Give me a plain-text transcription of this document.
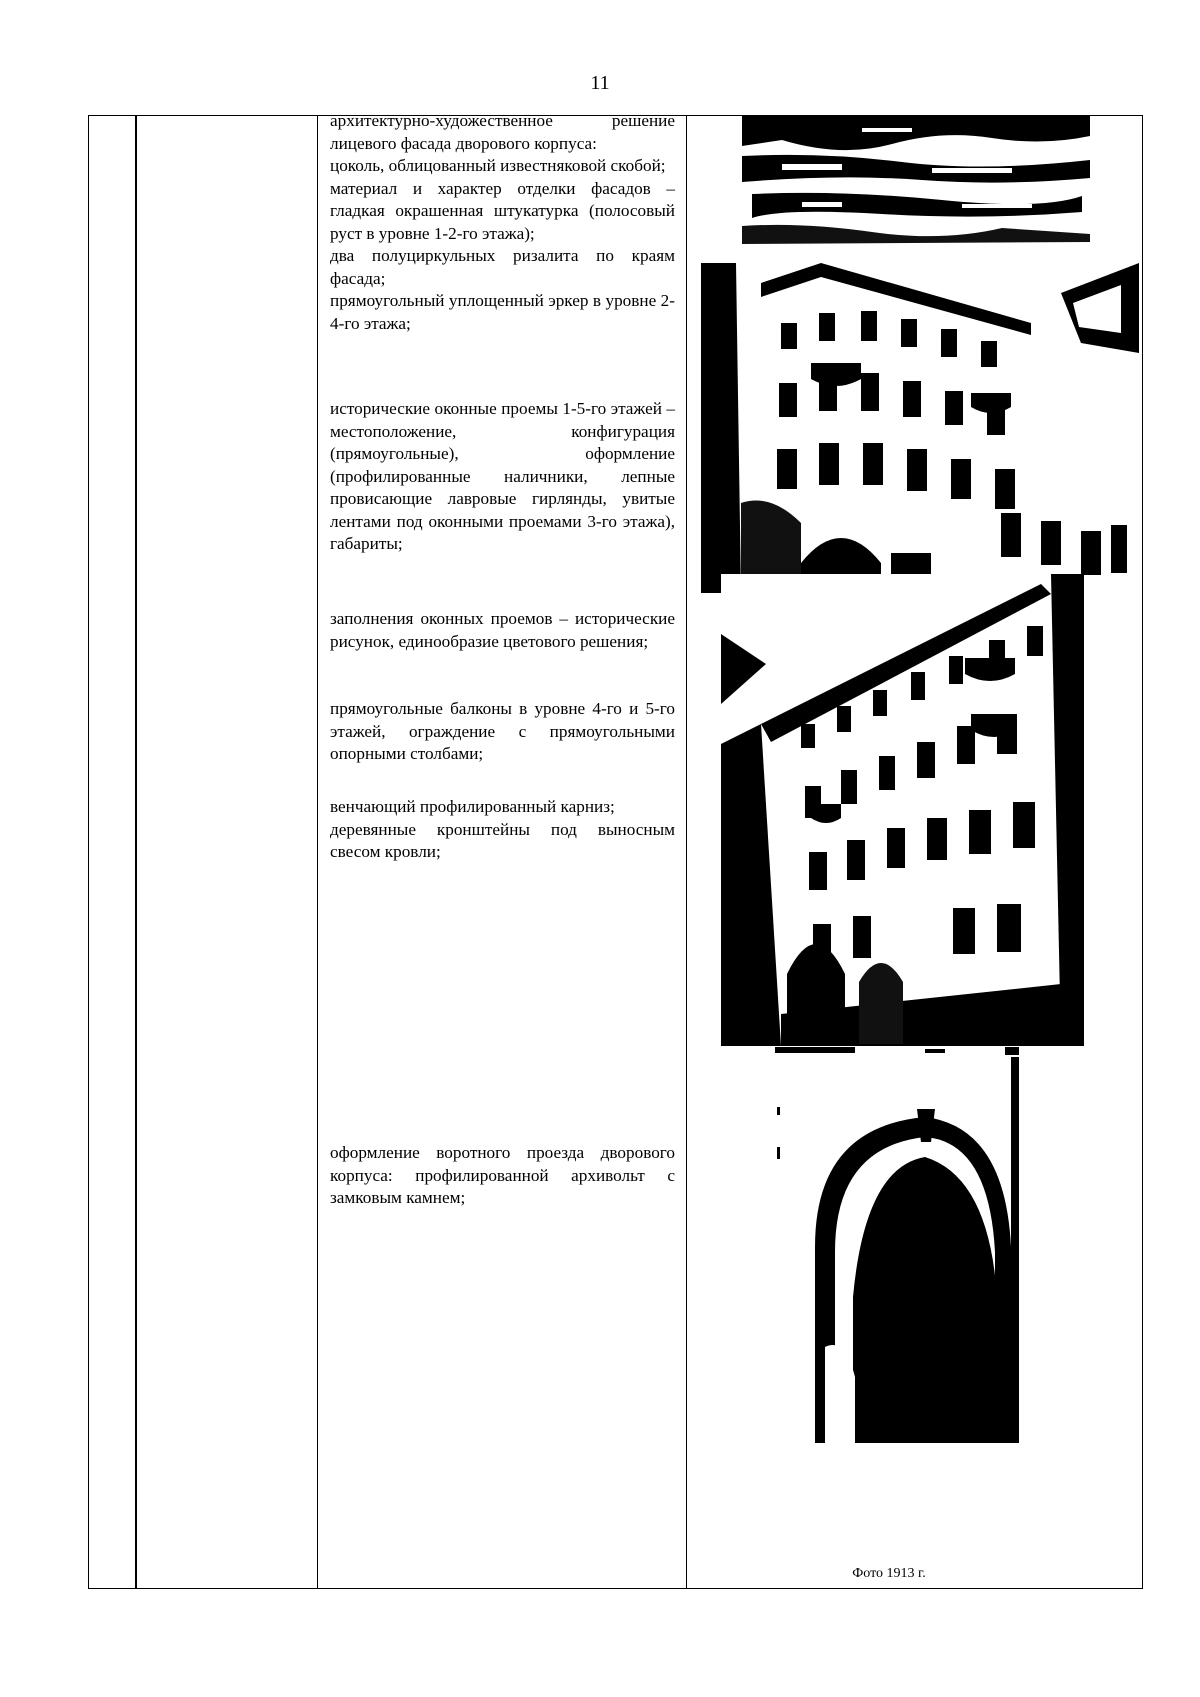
11

архитектурно-художественное решение лицевого фасада дворового корпуса:

цоколь, облицованный известняковой скобой;

материал и характер отделки фасадов – гладкая окрашенная штукатурка (полосовый руст в уровне 1-2-го этажа);

два полуциркульных ризалита по краям фасада;

прямоугольный уплощенный эркер в уровне 2-4-го этажа;

исторические оконные проемы 1-5-го этажей – местоположение, конфигурация (прямоугольные), оформление (профилированные наличники, лепные провисающие лавровые гирлянды, увитые лентами под оконными проемами 3-го этажа), габариты;

заполнения оконных проемов – исторические рисунок, единообразие цветового решения;

прямоугольные балконы в уровне 4-го и 5-го этажей, ограждение с прямоугольными опорными столбами;

венчающий профилированный карниз;

деревянные кронштейны под выносным свесом кровли;

оформление воротного проезда дворового корпуса: профилированной архивольт с замковым камнем;

Фото 1913 г.
